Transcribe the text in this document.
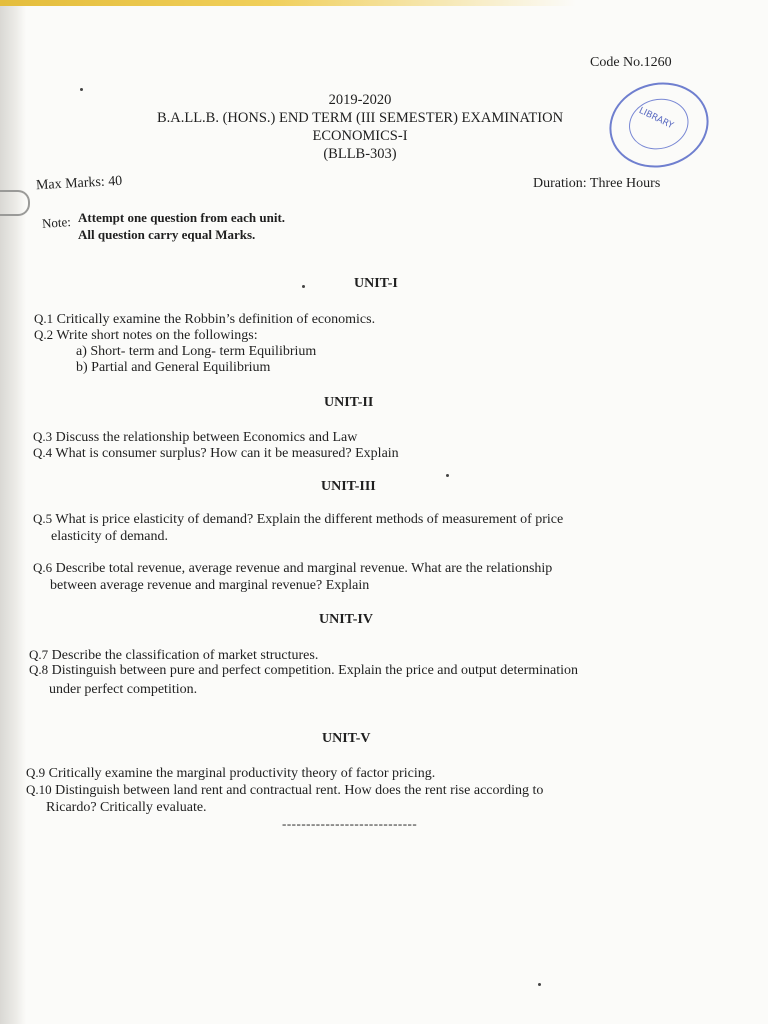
Code No.1260
2019-2020
B.A.LL.B. (HONS.) END TERM (III SEMESTER) EXAMINATION
ECONOMICS-I
(BLLB-303)
LIBRARY
Max Marks: 40	Duration: Three Hours
Note: Attempt one question from each unit.
All question carry equal Marks.
UNIT-I
Q.1 Critically examine the Robbin’s definition of economics.
Q.2 Write short notes on the followings:
a) Short- term and Long- term Equilibrium
b) Partial and General Equilibrium
UNIT-II
Q.3 Discuss the relationship between Economics and Law
Q.4 What is consumer surplus? How can it be measured? Explain
UNIT-III
Q.5 What is price elasticity of demand? Explain the different methods of measurement of price
elasticity of demand.
Q.6 Describe total revenue, average revenue and marginal revenue. What are the relationship
between average revenue and marginal revenue? Explain
UNIT-IV
Q.7 Describe the classification of market structures.
Q.8 Distinguish between pure and perfect competition. Explain the price and output determination
under perfect competition.
UNIT-V
Q.9 Critically examine the marginal productivity theory of factor pricing.
Q.10 Distinguish between land rent and contractual rent. How does the rent rise according to
Ricardo? Critically evaluate.
----------------------------
